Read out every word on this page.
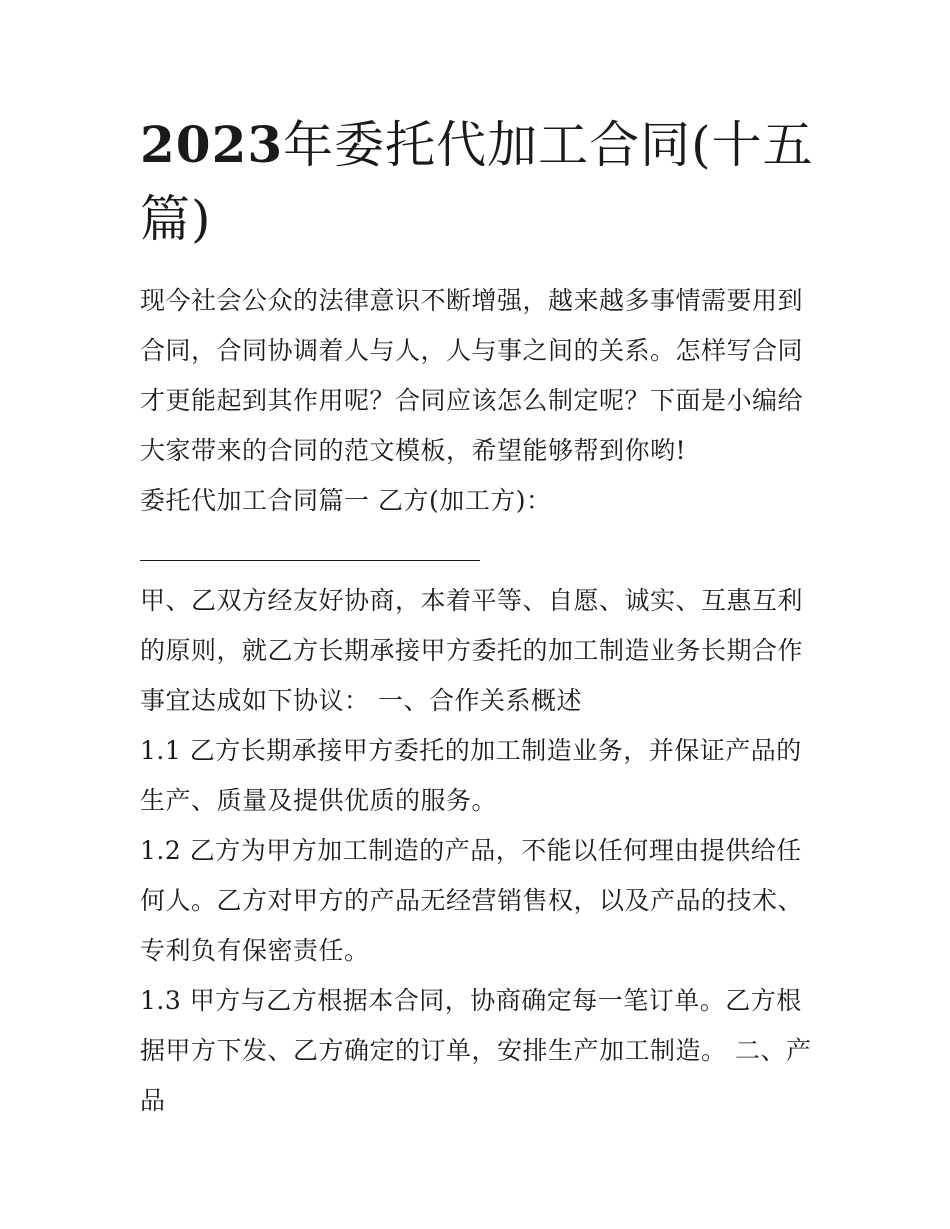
2023年委托代加工合同(十五篇)

现今社会公众的法律意识不断增强，越来越多事情需要用到合同，合同协调着人与人，人与事之间的关系。怎样写合同才更能起到其作用呢？合同应该怎么制定呢？下面是小编给大家带来的合同的范文模板，希望能够帮到你哟!

委托代加工合同篇一 乙方(加工方)：

甲、乙双方经友好协商，本着平等、自愿、诚实、互惠互利的原则，就乙方长期承接甲方委托的加工制造业务长期合作事宜达成如下协议： 一、合作关系概述

1.1 乙方长期承接甲方委托的加工制造业务，并保证产品的生产、质量及提供优质的服务。

1.2 乙方为甲方加工制造的产品，不能以任何理由提供给任何人。乙方对甲方的产品无经营销售权，以及产品的技术、专利负有保密责任。

1.3 甲方与乙方根据本合同，协商确定每一笔订单。乙方根据甲方下发、乙方确定的订单，安排生产加工制造。 二、产品
